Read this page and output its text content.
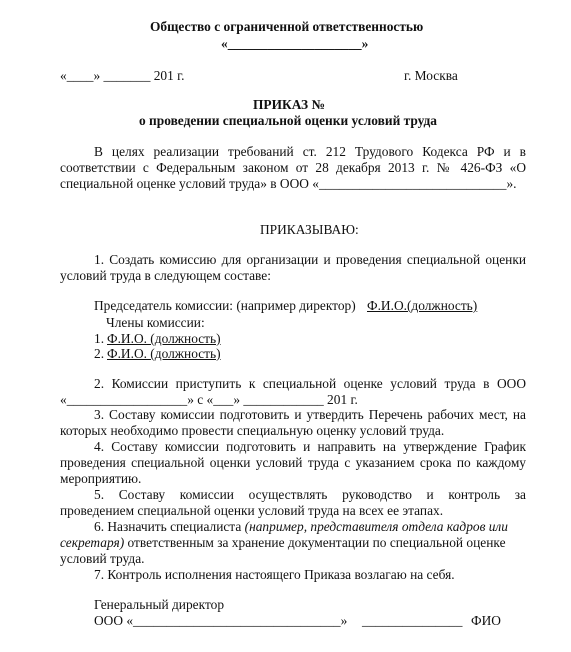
Общество с ограниченной ответственностью
«____________________»
«____» _______ 201 г.	г. Москва
ПРИКАЗ №
о проведении специальной оценки условий труда
В целях реализации требований ст. 212 Трудового Кодекса РФ и в
соответствии с Федеральным законом от 28 декабря 2013 г. № 426-ФЗ «О
специальной оценке условий труда» в ООО «____________________________».
ПРИКАЗЫВАЮ:
1. Создать комиссию для организации и проведения специальной оценки
условий труда в следующем составе:
Председатель комиссии: (например директор) Ф.И.О.(должность)
Члены комиссии:
1. Ф.И.О. (должность)
2. Ф.И.О. (должность)
2. Комиссии приступить к специальной оценке условий труда в ООО
«__________________» с «___» ____________ 201 г.
3. Составу комиссии подготовить и утвердить Перечень рабочих мест, на
которых необходимо провести специальную оценку условий труда.
4. Составу комиссии подготовить и направить на утверждение График
проведения специальной оценки условий труда с указанием срока по каждому
мероприятию.
5. Составу комиссии осуществлять руководство и контроль за
проведением специальной оценки условий труда на всех ее этапах.
6. Назначить специалиста (например, представителя отдела кадров или
секретаря) ответственным за хранение документации по специальной оценке
условий труда.
7. Контроль исполнения настоящего Приказа возлагаю на себя.
Генеральный директор
ООО «_______________________________» _______________ ФИО
